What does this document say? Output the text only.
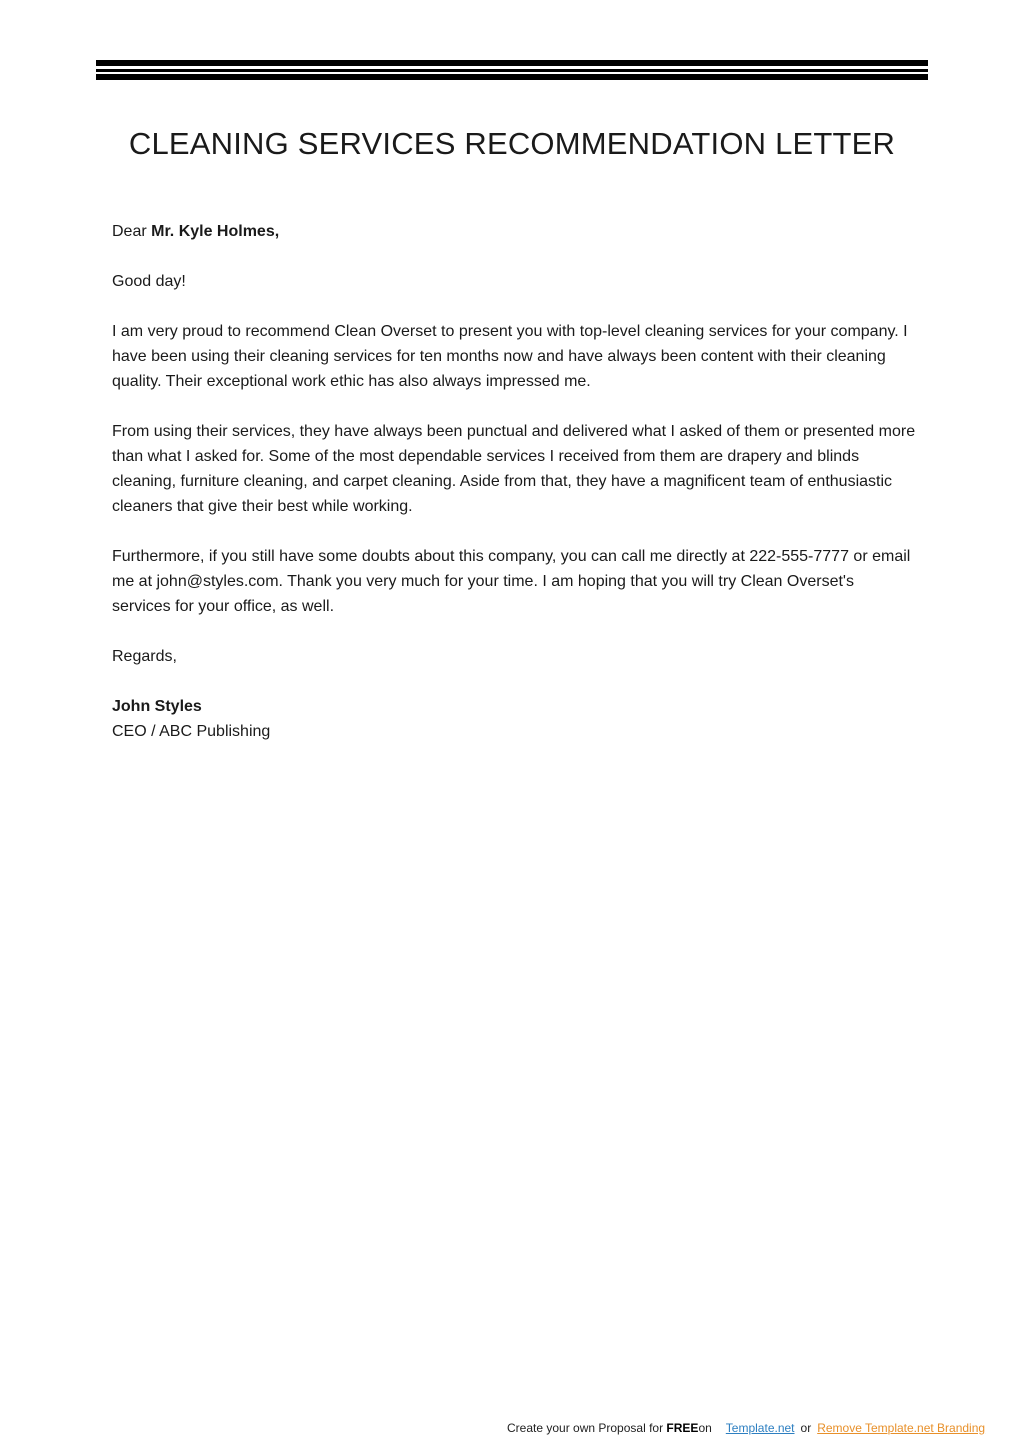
CLEANING SERVICES RECOMMENDATION LETTER

Dear Mr. Kyle Holmes,

Good day!

I am very proud to recommend Clean Overset to present you with top-level cleaning services for your company. I have been using their cleaning services for ten months now and have always been content with their cleaning quality. Their exceptional work ethic has also always impressed me.

From using their services, they have always been punctual and delivered what I asked of them or presented more than what I asked for. Some of the most dependable services I received from them are drapery and blinds cleaning, furniture cleaning, and carpet cleaning. Aside from that, they have a magnificent team of enthusiastic cleaners that give their best while working.

Furthermore, if you still have some doubts about this company, you can call me directly at 222-555-7777 or email me at john@styles.com. Thank you very much for your time. I am hoping that you will try Clean Overset's services for your office, as well.

Regards,

John Styles

CEO / ABC Publishing

Create your own Proposal for FREEon Template.net or Remove Template.net Branding
